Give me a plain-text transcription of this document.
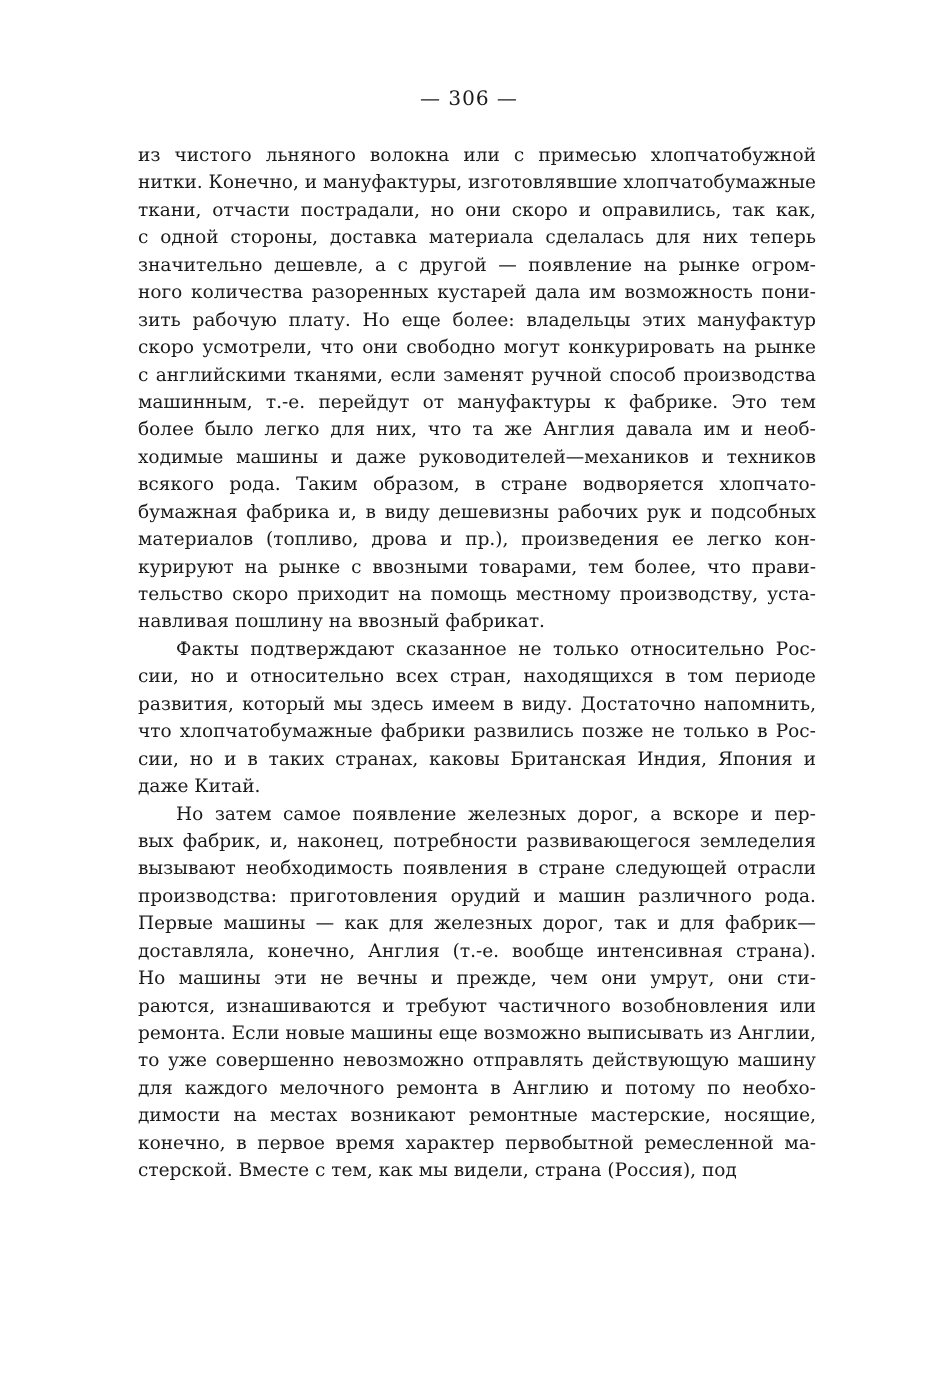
— 306 —
из чистого льняного волокна или с примесью хлопчатобужной
нитки. Конечно, и мануфактуры, изготовлявшие хлопчатобумажные
ткани, отчасти пострадали, но они скоро и оправились, так как,
с одной стороны, доставка материала сделалась для них теперь
значительно дешевле, а с другой — появление на рынке огром-
ного количества разоренных кустарей дала им возможность пони-
зить рабочую плату. Но еще более: владельцы этих мануфактур
скоро усмотрели, что они свободно могут конкурировать на рынке
с английскими тканями, если заменят ручной способ производства
машинным, т.-е. перейдут от мануфактуры к фабрике. Это тем
более было легко для них, что та же Англия давала им и необ-
ходимые машины и даже руководителей—механиков и техников
всякого рода. Таким образом, в стране водворяется хлопчато-
бумажная фабрика и, в виду дешевизны рабочих рук и подсобных
материалов (топливо, дрова и пр.), произведения ее легко кон-
курируют на рынке с ввозными товарами, тем более, что прави-
тельство скоро приходит на помощь местному производству, уста-
навливая пошлину на ввозный фабрикат.
Факты подтверждают сказанное не только относительно Рос-
сии, но и относительно всех стран, находящихся в том периоде
развития, который мы здесь имеем в виду. Достаточно напомнить,
что хлопчатобумажные фабрики развились позже не только в Рос-
сии, но и в таких странах, каковы Британская Индия, Япония и
даже Китай.
Но затем самое появление железных дорог, а вскоре и пер-
вых фабрик, и, наконец, потребности развивающегося земледелия
вызывают необходимость появления в стране следующей отрасли
производства: приготовления орудий и машин различного рода.
Первые машины — как для железных дорог, так и для фабрик—
доставляла, конечно, Англия (т.-е. вообще интенсивная страна).
Но машины эти не вечны и прежде, чем они умрут, они сти-
раются, изнашиваются и требуют частичного возобновления или
ремонта. Если новые машины еще возможно выписывать из Англии,
то уже совершенно невозможно отправлять действующую машину
для каждого мелочного ремонта в Англию и потому по необхо-
димости на местах возникают ремонтные мастерские, носящие,
конечно, в первое время характер первобытной ремесленной ма-
стерской. Вместе с тем, как мы видели, страна (Россия), под
